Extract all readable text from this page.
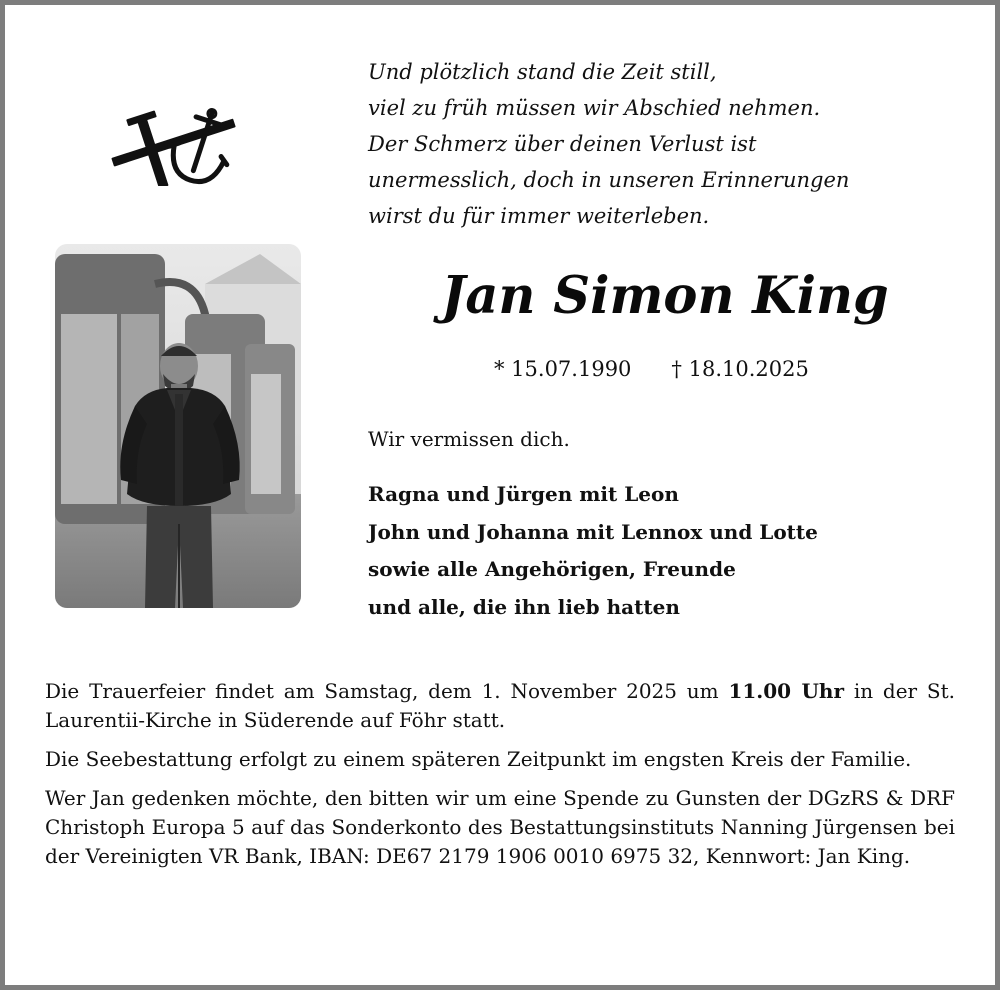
Und plötzlich stand die Zeit still,
viel zu früh müssen wir Abschied nehmen.
Der Schmerz über deinen Verlust ist
unermesslich, doch in unseren Erinnerungen
wirst du für immer weiterleben.
Jan Simon King
* 15.07.1990 † 18.10.2025
Wir vermissen dich.
Ragna und Jürgen mit Leon
John und Johanna mit Lennox und Lotte
sowie alle Angehörigen, Freunde
und alle, die ihn lieb hatten

Die Trauerfeier findet am Samstag, dem 1. November 2025 um 11.00 Uhr in der St. Laurentii-Kirche in Süderende auf Föhr statt.

Die Seebestattung erfolgt zu einem späteren Zeitpunkt im engsten Kreis der Familie.

Wer Jan gedenken möchte, den bitten wir um eine Spende zu Gunsten der DGzRS & DRF Christoph Europa 5 auf das Sonderkonto des Bestattungsinstituts Nanning Jürgensen bei der Vereinigten VR Bank, IBAN: DE67 2179 1906 0010 6975 32, Kennwort: Jan King.
